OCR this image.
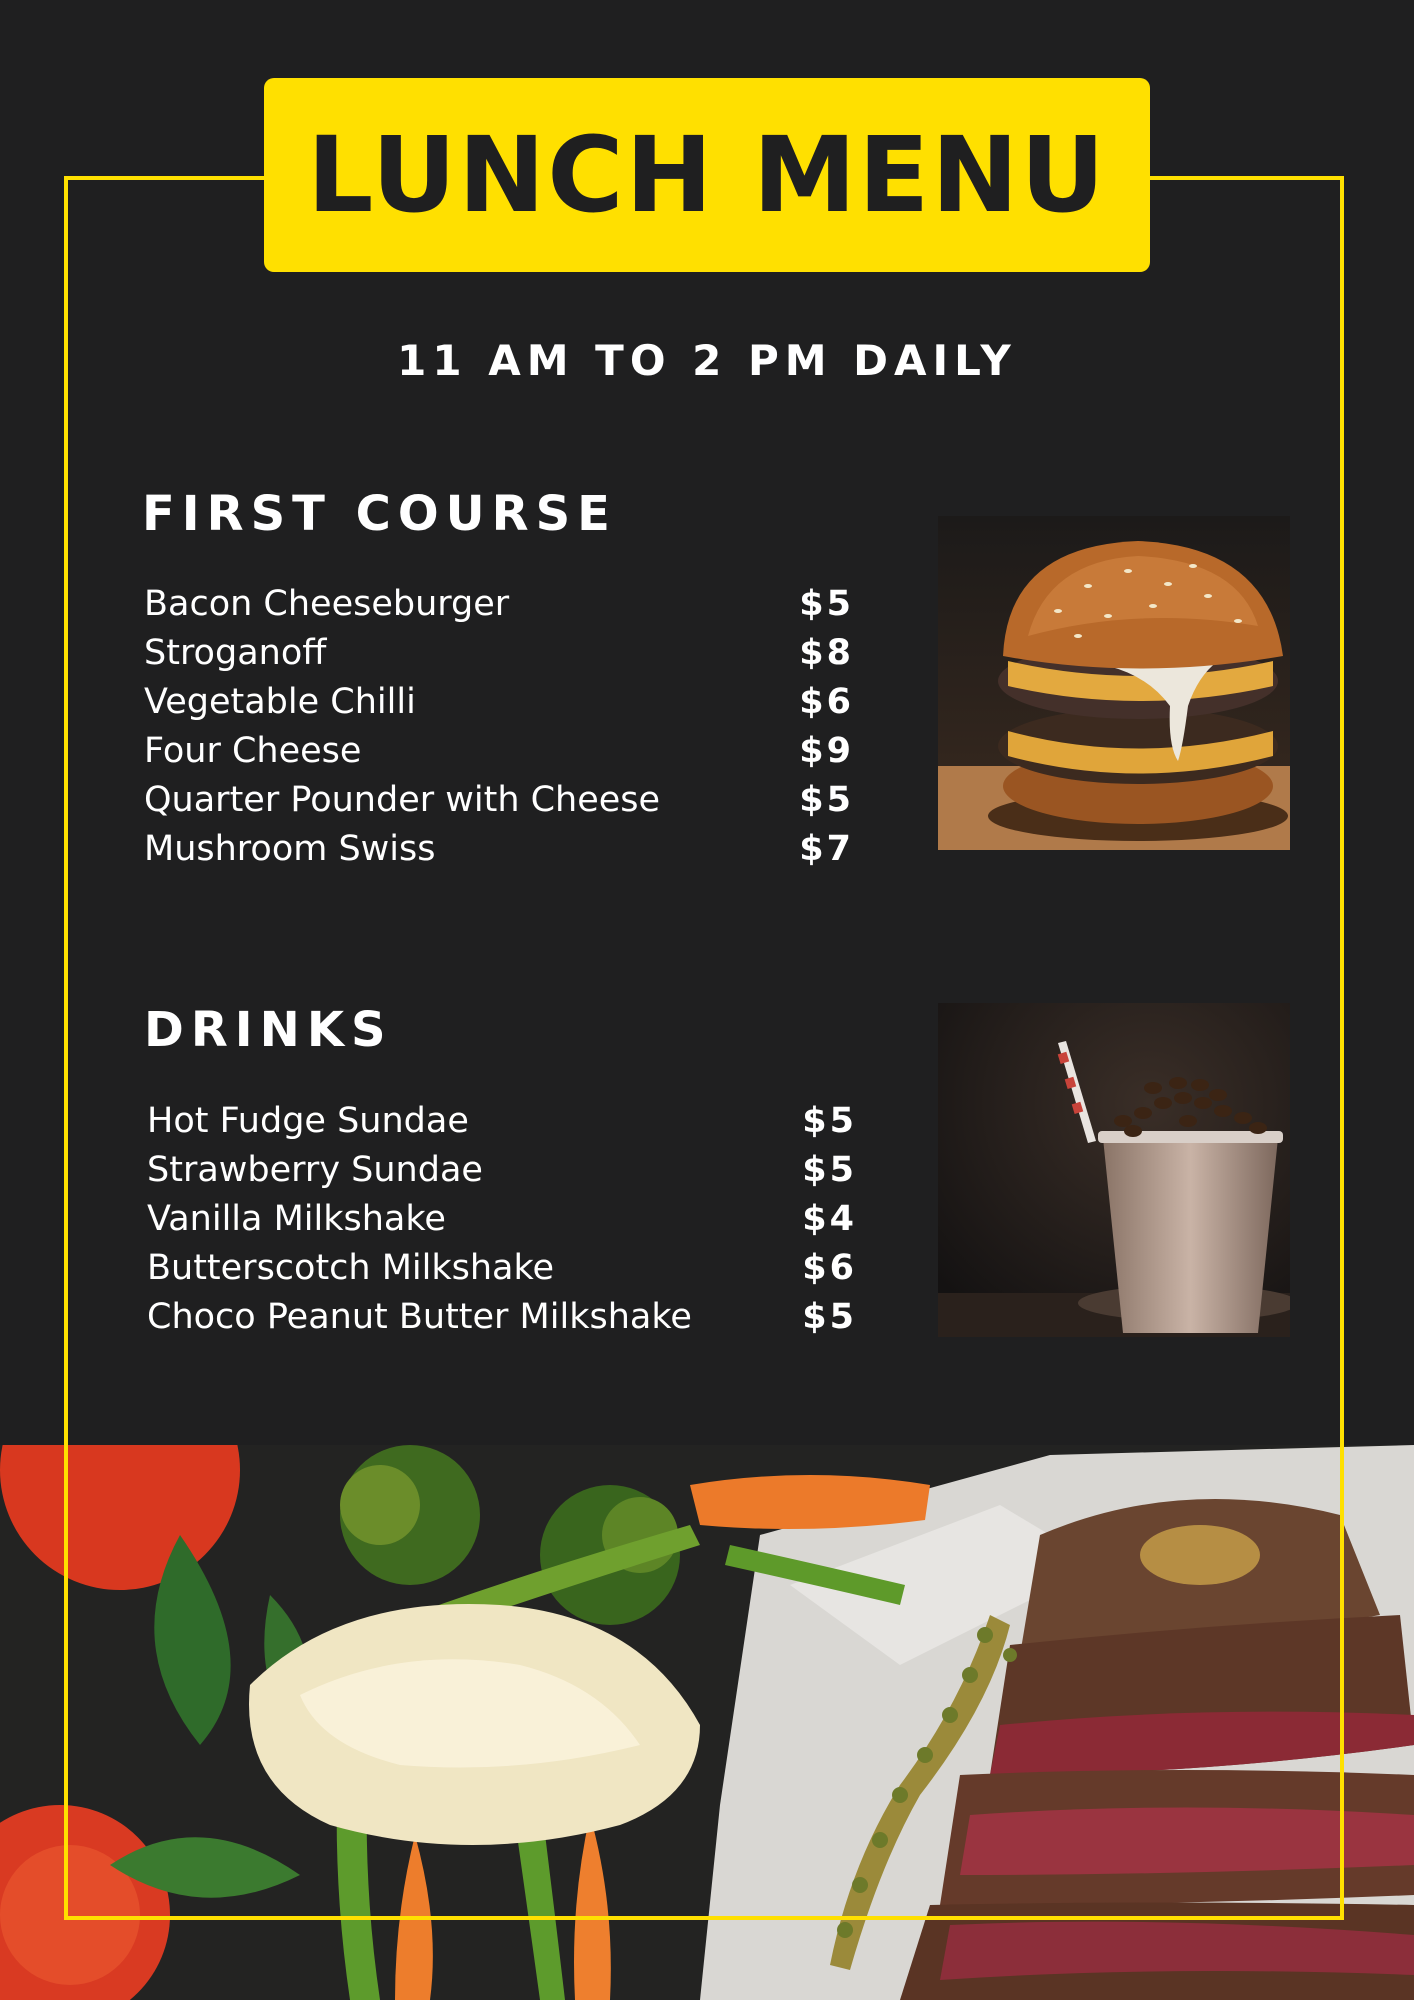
LUNCH MENU
11 AM TO 2 PM DAILY
FIRST COURSE
Bacon Cheeseburger	$5
Stroganoff	$8
Vegetable Chilli	$6
Four Cheese	$9
Quarter Pounder with Cheese	$5
Mushroom Swiss	$7
DRINKS
Hot Fudge Sundae	$5
Strawberry Sundae	$5
Vanilla Milkshake	$4
Butterscotch Milkshake	$6
Choco Peanut Butter Milkshake	$5
